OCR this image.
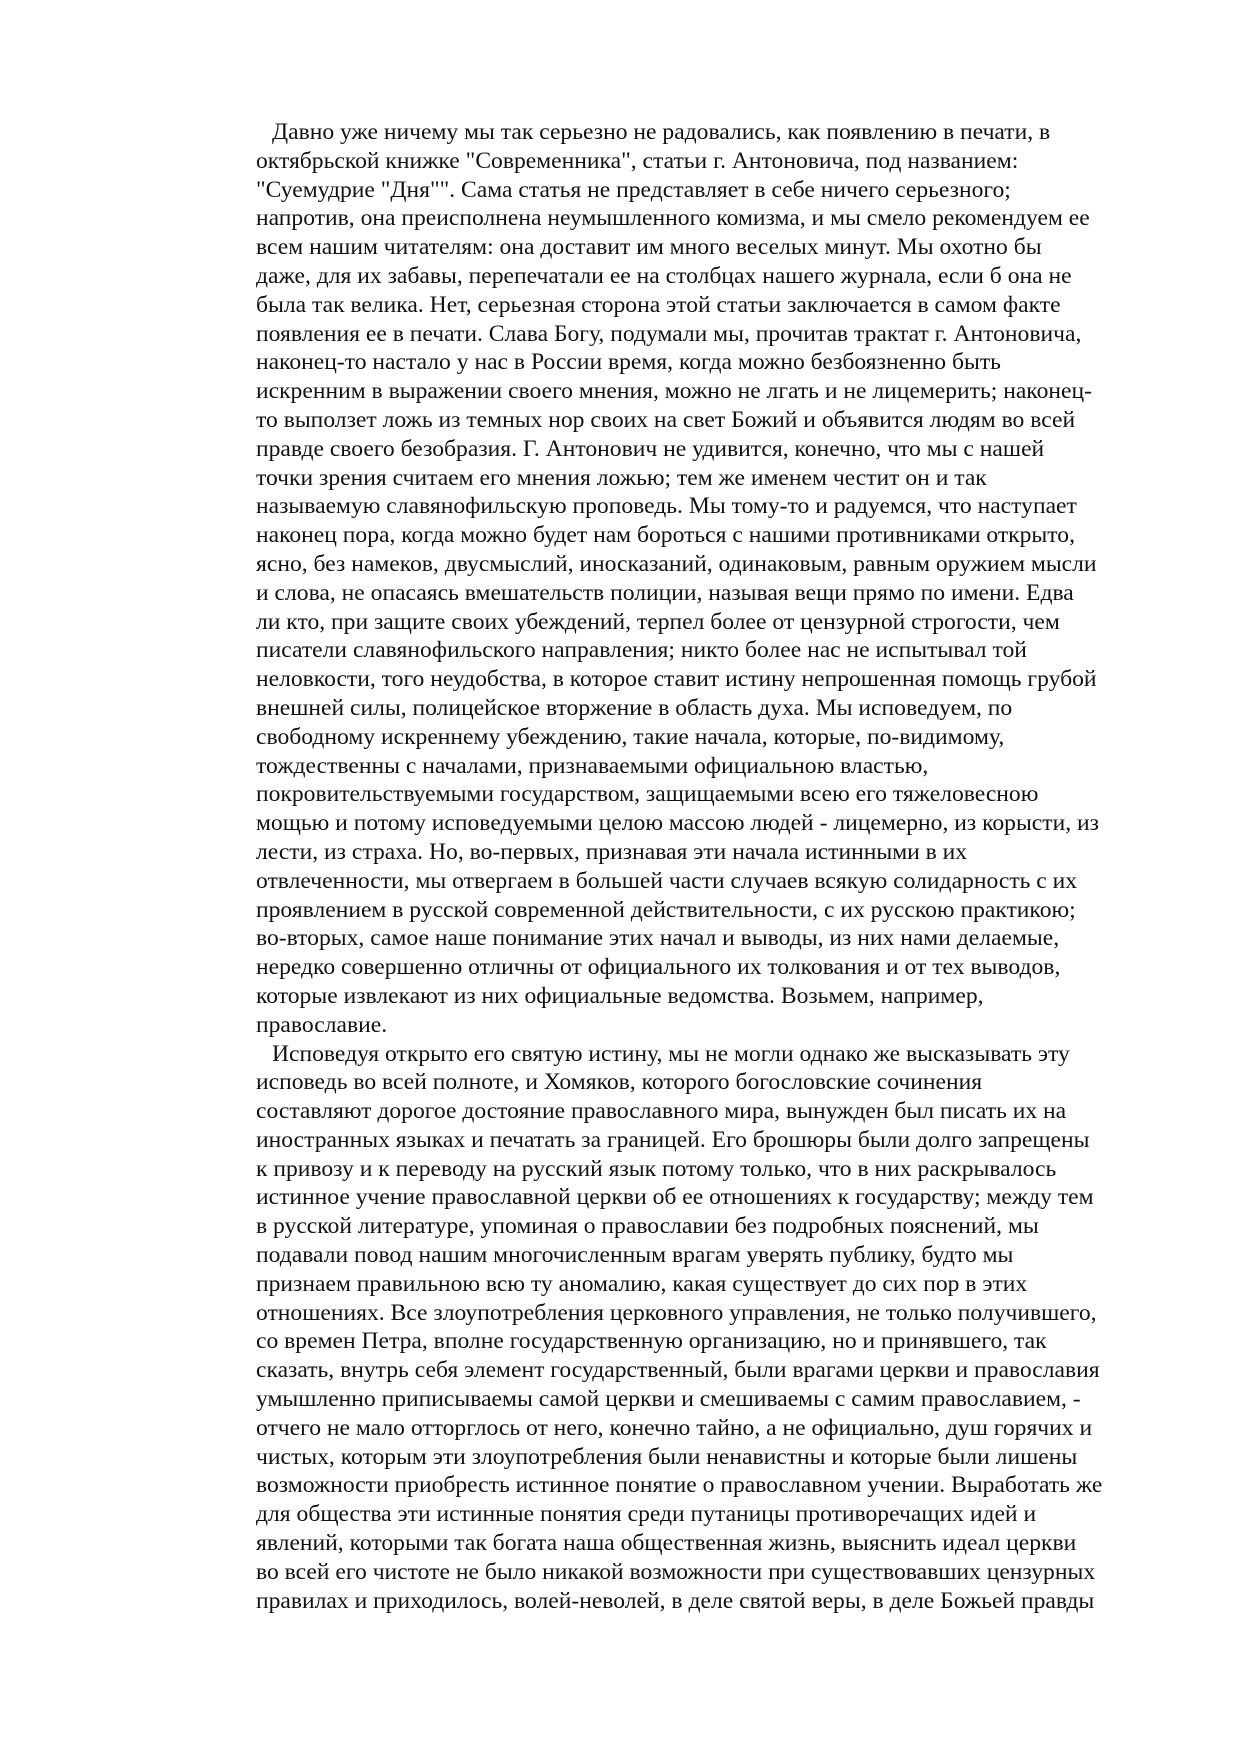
Давно уже ничему мы так серьезно не радовались, как появлению в печати, в
октябрьской книжке "Современника", статьи г. Антоновича, под названием:
"Суемудрие "Дня"". Сама статья не представляет в себе ничего серьезного;
напротив, она преисполнена неумышленного комизма, и мы смело рекомендуем ее
всем нашим читателям: она доставит им много веселых минут. Мы охотно бы
даже, для их забавы, перепечатали ее на столбцах нашего журнала, если б она не
была так велика. Нет, серьезная сторона этой статьи заключается в самом факте
появления ее в печати. Слава Богу, подумали мы, прочитав трактат г. Антоновича,
наконец-то настало у нас в России время, когда можно безбоязненно быть
искренним в выражении своего мнения, можно не лгать и не лицемерить; наконец-
то выползет ложь из темных нор своих на свет Божий и объявится людям во всей
правде своего безобразия. Г. Антонович не удивится, конечно, что мы с нашей
точки зрения считаем его мнения ложью; тем же именем честит он и так
называемую славянофильскую проповедь. Мы тому-то и радуемся, что наступает
наконец пора, когда можно будет нам бороться с нашими противниками открыто,
ясно, без намеков, двусмыслий, иносказаний, одинаковым, равным оружием мысли
и слова, не опасаясь вмешательств полиции, называя вещи прямо по имени. Едва
ли кто, при защите своих убеждений, терпел более от цензурной строгости, чем
писатели славянофильского направления; никто более нас не испытывал той
неловкости, того неудобства, в которое ставит истину непрошенная помощь грубой
внешней силы, полицейское вторжение в область духа. Мы исповедуем, по
свободному искреннему убеждению, такие начала, которые, по-видимому,
тождественны с началами, признаваемыми официальною властью,
покровительствуемыми государством, защищаемыми всею его тяжеловесною
мощью и потому исповедуемыми целою массою людей - лицемерно, из корысти, из
лести, из страха. Но, во-первых, признавая эти начала истинными в их
отвлеченности, мы отвергаем в большей части случаев всякую солидарность с их
проявлением в русской современной действительности, с их русскою практикою;
во-вторых, самое наше понимание этих начал и выводы, из них нами делаемые,
нередко совершенно отличны от официального их толкования и от тех выводов,
которые извлекают из них официальные ведомства. Возьмем, например,
православие.
Исповедуя открыто его святую истину, мы не могли однако же высказывать эту
исповедь во всей полноте, и Хомяков, которого богословские сочинения
составляют дорогое достояние православного мира, вынужден был писать их на
иностранных языках и печатать за границей. Его брошюры были долго запрещены
к привозу и к переводу на русский язык потому только, что в них раскрывалось
истинное учение православной церкви об ее отношениях к государству; между тем
в русской литературе, упоминая о православии без подробных пояснений, мы
подавали повод нашим многочисленным врагам уверять публику, будто мы
признаем правильною всю ту аномалию, какая существует до сих пор в этих
отношениях. Все злоупотребления церковного управления, не только получившего,
со времен Петра, вполне государственную организацию, но и принявшего, так
сказать, внутрь себя элемент государственный, были врагами церкви и православия
умышленно приписываемы самой церкви и смешиваемы с самим православием, -
отчего не мало отторглось от него, конечно тайно, а не официально, душ горячих и
чистых, которым эти злоупотребления были ненавистны и которые были лишены
возможности приобресть истинное понятие о православном учении. Выработать же
для общества эти истинные понятия среди путаницы противоречащих идей и
явлений, которыми так богата наша общественная жизнь, выяснить идеал церкви
во всей его чистоте не было никакой возможности при существовавших цензурных
правилах и приходилось, волей-неволей, в деле святой веры, в деле Божьей правды
